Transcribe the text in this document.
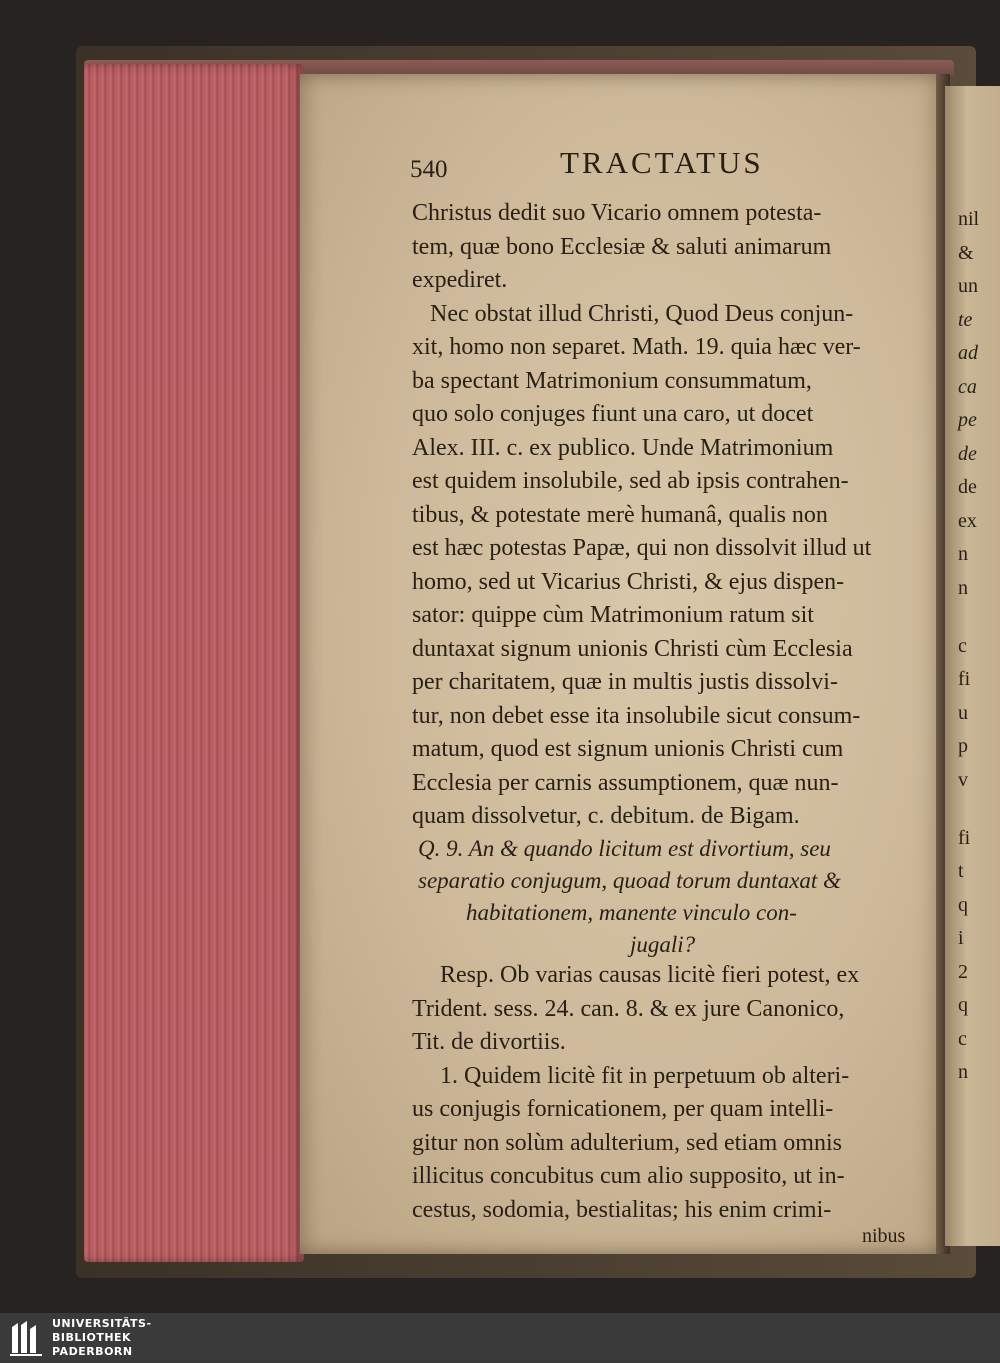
540	TRACTATUS
Christus dedit suo Vicario omnem potesta-
tem, quæ bono Ecclesiæ & saluti animarum
expediret.
Nec obstat illud Christi, Quod Deus conjun-
xit, homo non separet. Math. 19. quia hæc ver-
ba spectant Matrimonium consummatum,
quo solo conjuges fiunt una caro, ut docet
Alex. III. c. ex publico. Unde Matrimonium
est quidem insolubile, sed ab ipsis contrahen-
tibus, & potestate merè humanâ, qualis non
est hæc potestas Papæ, qui non dissolvit illud ut
homo, sed ut Vicarius Christi, & ejus dispen-
sator: quippe cùm Matrimonium ratum sit
duntaxat signum unionis Christi cùm Ecclesia
per charitatem, quæ in multis justis dissolvi-
tur, non debet esse ita insolubile sicut consum-
matum, quod est signum unionis Christi cum
Ecclesia per carnis assumptionem, quæ nun-
quam dissolvetur, c. debitum. de Bigam.
Q. 9. An & quando licitum est divortium, seu
separatio conjugum, quoad torum duntaxat &
habitationem, manente vinculo con-
jugali?
Resp. Ob varias causas licitè fieri potest, ex
Trident. sess. 24. can. 8. & ex jure Canonico,
Tit. de divortiis.
1. Quidem licitè fit in perpetuum ob alteri-
us conjugis fornicationem, per quam intelli-
gitur non solùm adulterium, sed etiam omnis
illicitus concubitus cum alio supposito, ut in-
cestus, sodomia, bestialitas; his enim crimi-
nibus
nil
&
un
te
ad
ca
pe
de
de
ex
n
n
c
fi
u
p
v
fi
t
q
i
2
q
c
n
UNIVERSITÄTS-
BIBLIOTHEK
PADERBORN
